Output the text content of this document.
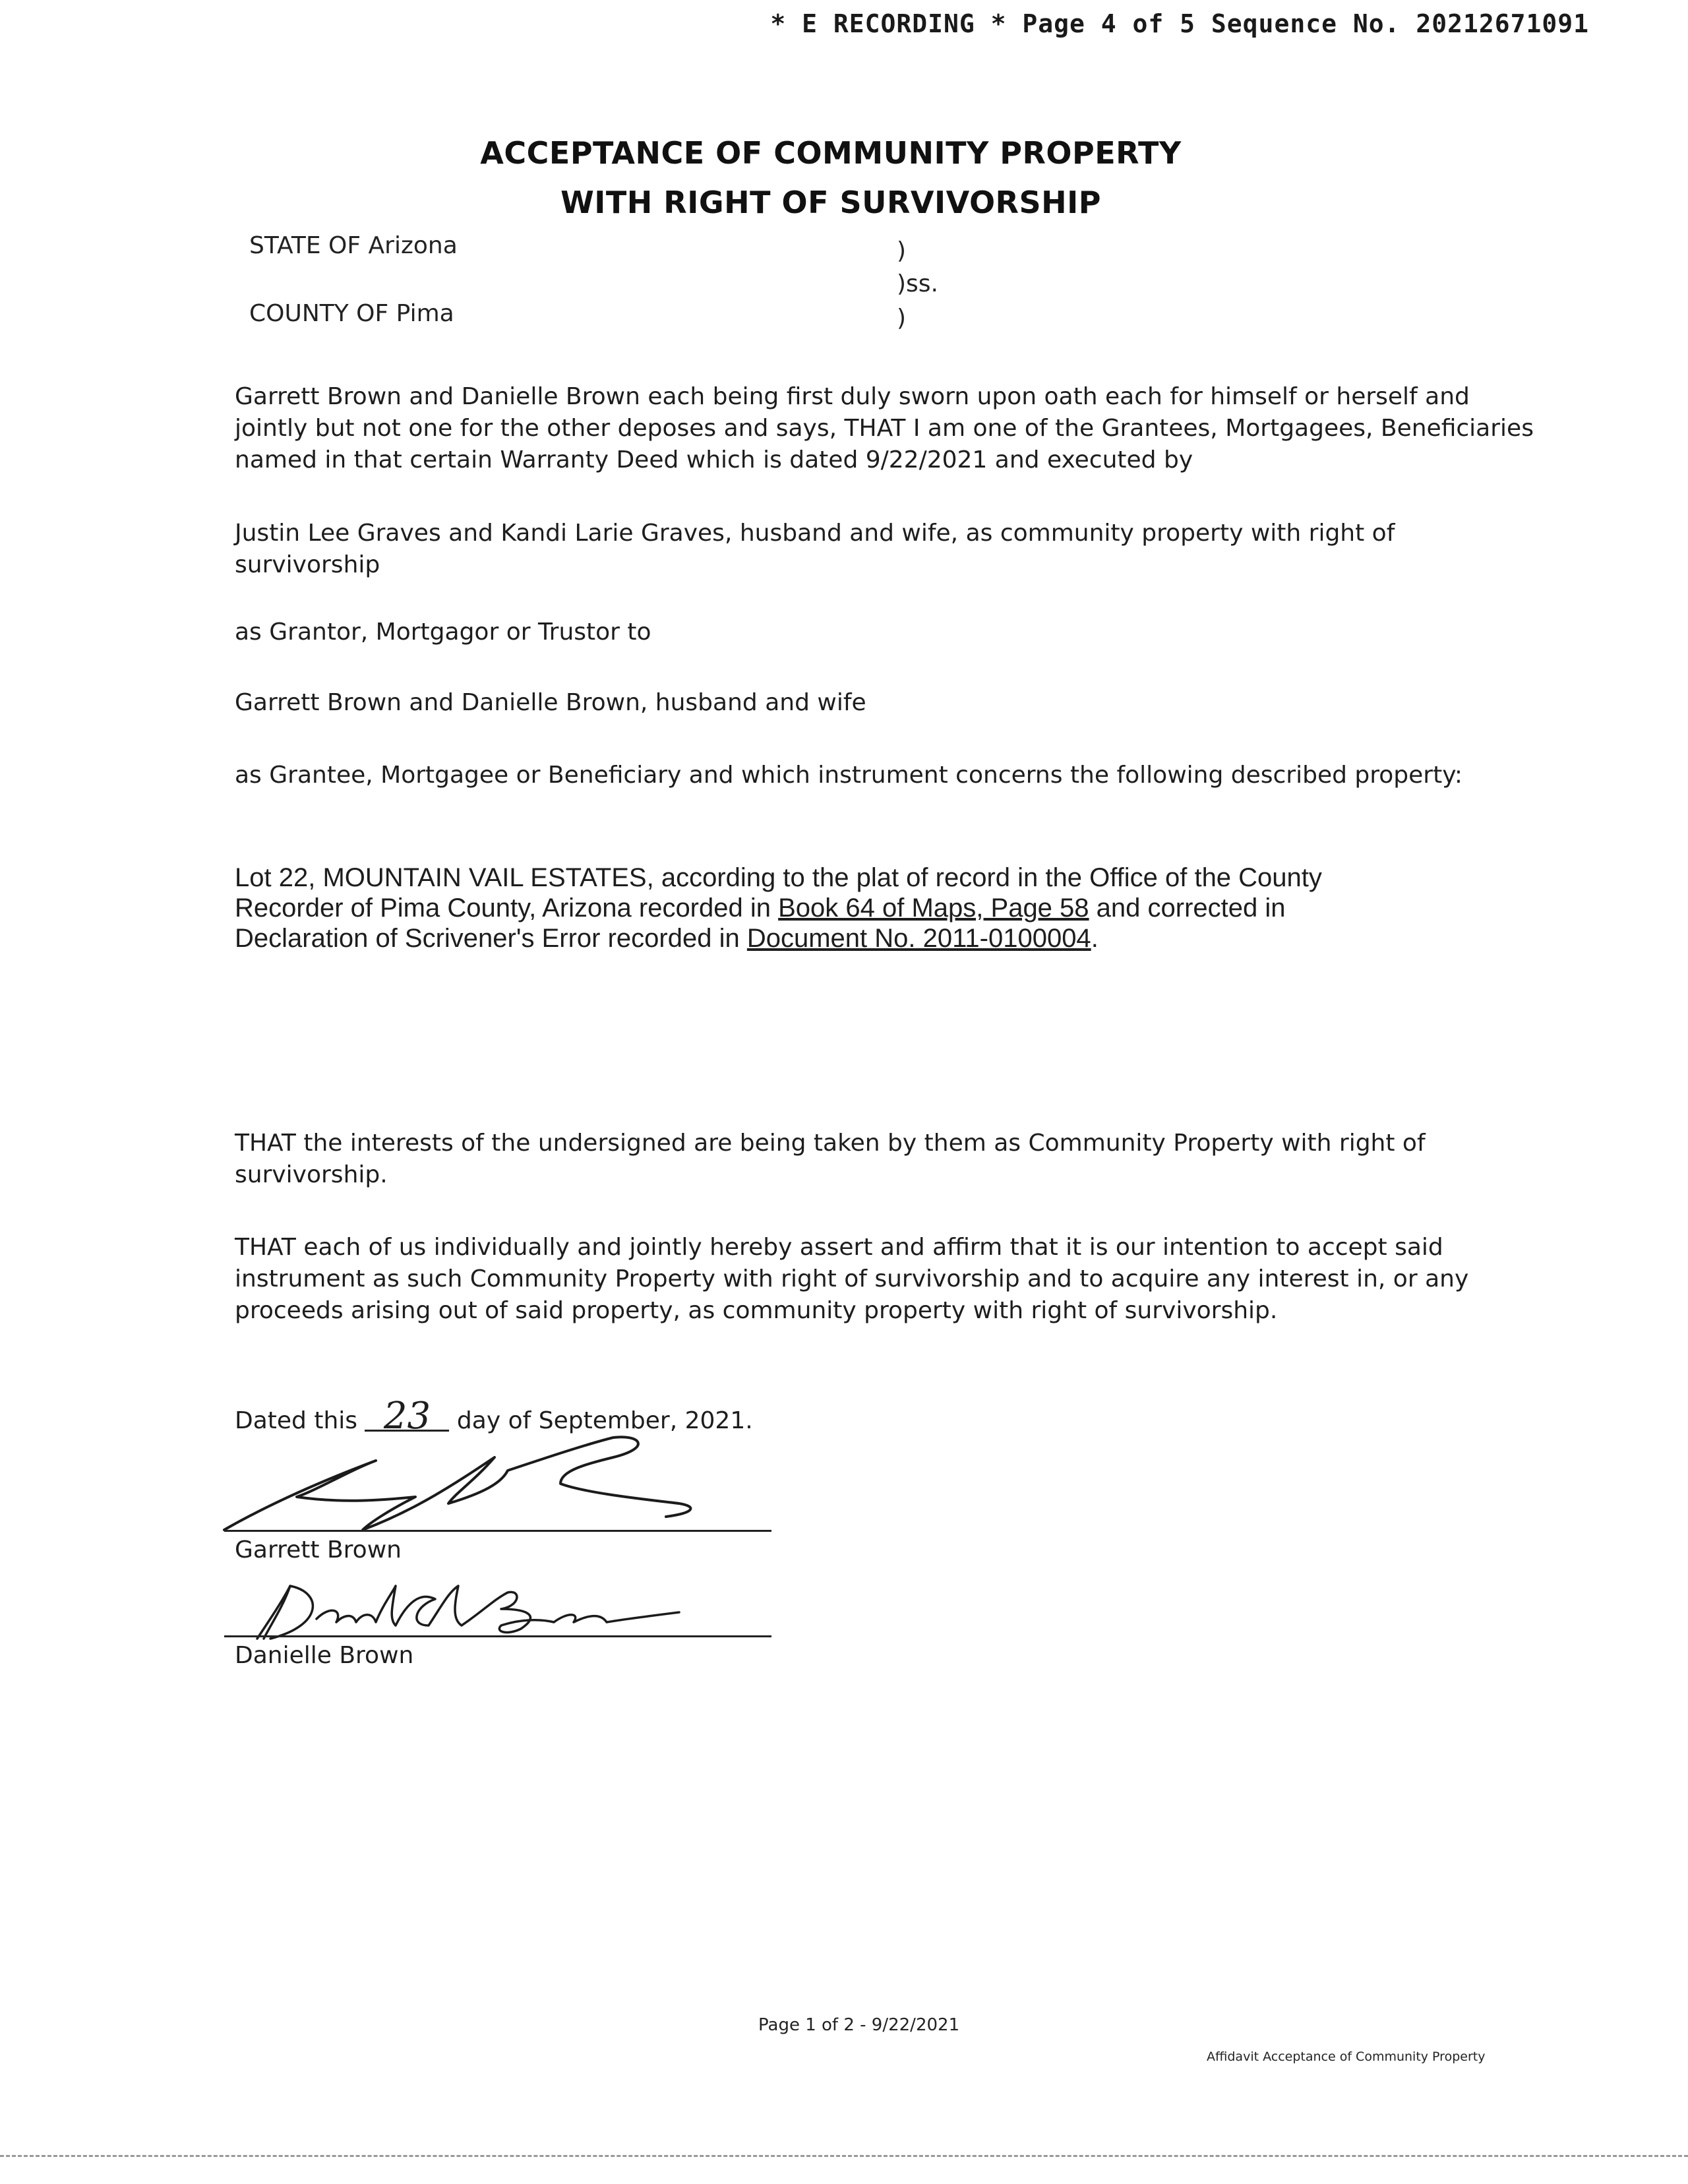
* E RECORDING * Page 4 of 5 Sequence No. 20212671091
ACCEPTANCE OF COMMUNITY PROPERTY
WITH RIGHT OF SURVIVORSHIP
STATE OF Arizona
COUNTY OF Pima
)
)ss.
)
Garrett Brown and Danielle Brown each being first duly sworn upon oath each for himself or herself and
jointly but not one for the other deposes and says, THAT I am one of the Grantees, Mortgagees, Beneficiaries
named in that certain Warranty Deed which is dated 9/22/2021 and executed by
Justin Lee Graves and Kandi Larie Graves, husband and wife, as community property with right of
survivorship
as Grantor, Mortgagor or Trustor to
Garrett Brown and Danielle Brown, husband and wife
as Grantee, Mortgagee or Beneficiary and which instrument concerns the following described property:
Lot 22, MOUNTAIN VAIL ESTATES, according to the plat of record in the Office of the County
Recorder of Pima County, Arizona recorded in Book 64 of Maps, Page 58 and corrected in
Declaration of Scrivener's Error recorded in Document No. 2011-0100004.
THAT the interests of the undersigned are being taken by them as Community Property with right of
survivorship.
THAT each of us individually and jointly hereby assert and affirm that it is our intention to accept said
instrument as such Community Property with right of survivorship and to acquire any interest in, or any
proceeds arising out of said property, as community property with right of survivorship.
Dated this 23 day of September, 2021.
Garrett Brown
Danielle Brown
Page 1 of 2 - 9/22/2021
Affidavit Acceptance of Community Property
